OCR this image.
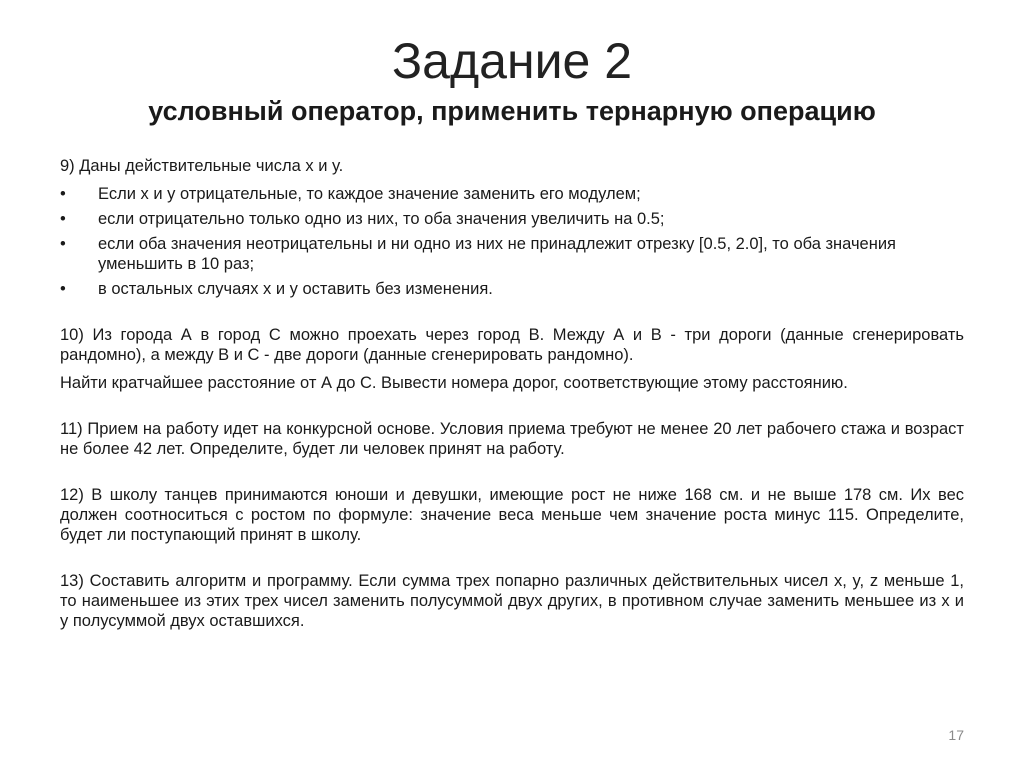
Задание 2
условный оператор, применить тернарную операцию

9) Даны действительные числа х и у.

• Если х и у отрицательные, то каждое значение заменить его модулем;
• если отрицательно только одно из них, то оба значения увеличить на 0.5;
• если оба значения неотрицательны и ни одно из них не принадлежит отрезку [0.5, 2.0], то оба значения уменьшить в 10 раз;
• в остальных случаях х и у оставить без изменения.

10) Из города А в город С можно проехать через город В. Между А и В - три дороги (данные сгенерировать рандомно), а между В и С - две дороги (данные сгенерировать рандомно).

Найти кратчайшее расстояние от А до С. Вывести номера дорог, соответствующие этому расстоянию.

11) Прием на работу идет на конкурсной основе. Условия приема требуют не менее 20 лет рабочего стажа и возраст не более 42 лет. Определите, будет ли человек принят на работу.

12) В школу танцев принимаются юноши и девушки, имеющие рост не ниже 168 см. и не выше 178 см. Их вес должен соотноситься с ростом по формуле: значение веса меньше чем значение роста минус 115. Определите, будет ли поступающий принят в школу.

13) Составить алгоритм и программу. Если сумма трех попарно различных действительных чисел x, y, z меньше 1, то наименьшее из этих трех чисел заменить полусуммой двух других, в противном случае заменить меньшее из х и у полусуммой двух оставшихся.

17
